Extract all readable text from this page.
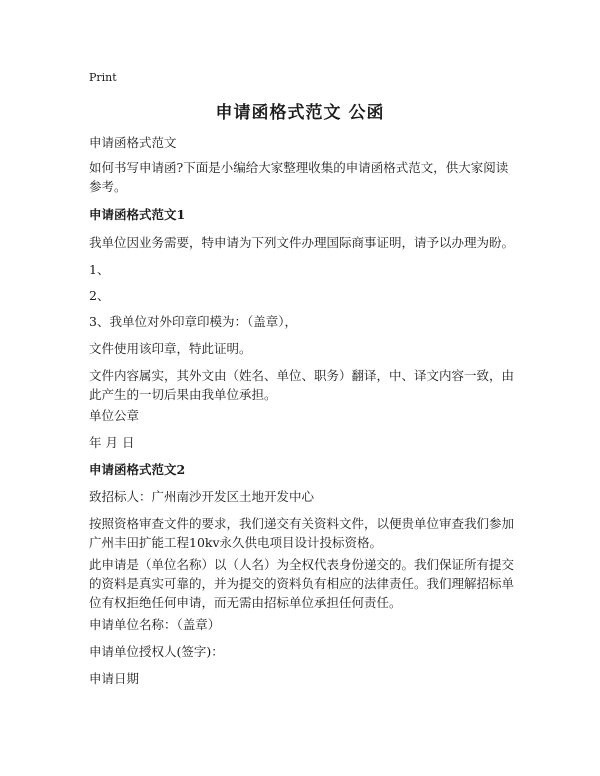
Print
申请函格式范文 公函

申请函格式范文

如何书写申请函?下面是小编给大家整理收集的申请函格式范文，供大家阅读参考。

申请函格式范文1

我单位因业务需要，特申请为下列文件办理国际商事证明，请予以办理为盼。

1、

2、

3、我单位对外印章印模为：（盖章），

文件使用该印章，特此证明。

文件内容属实，其外文由（姓名、单位、职务）翻译，中、译文内容一致，由此产生的一切后果由我单位承担。

单位公章

年 月 日

申请函格式范文2

致招标人：广州南沙开发区土地开发中心

按照资格审查文件的要求，我们递交有关资料文件，以便贵单位审查我们参加广州丰田扩能工程10kv永久供电项目设计投标资格。

此申请是（单位名称）以（人名）为全权代表身份递交的。我们保证所有提交的资料是真实可靠的，并为提交的资料负有相应的法律责任。我们理解招标单位有权拒绝任何申请，而无需由招标单位承担任何责任。

申请单位名称：（盖章）

申请单位授权人(签字)：

申请日期
